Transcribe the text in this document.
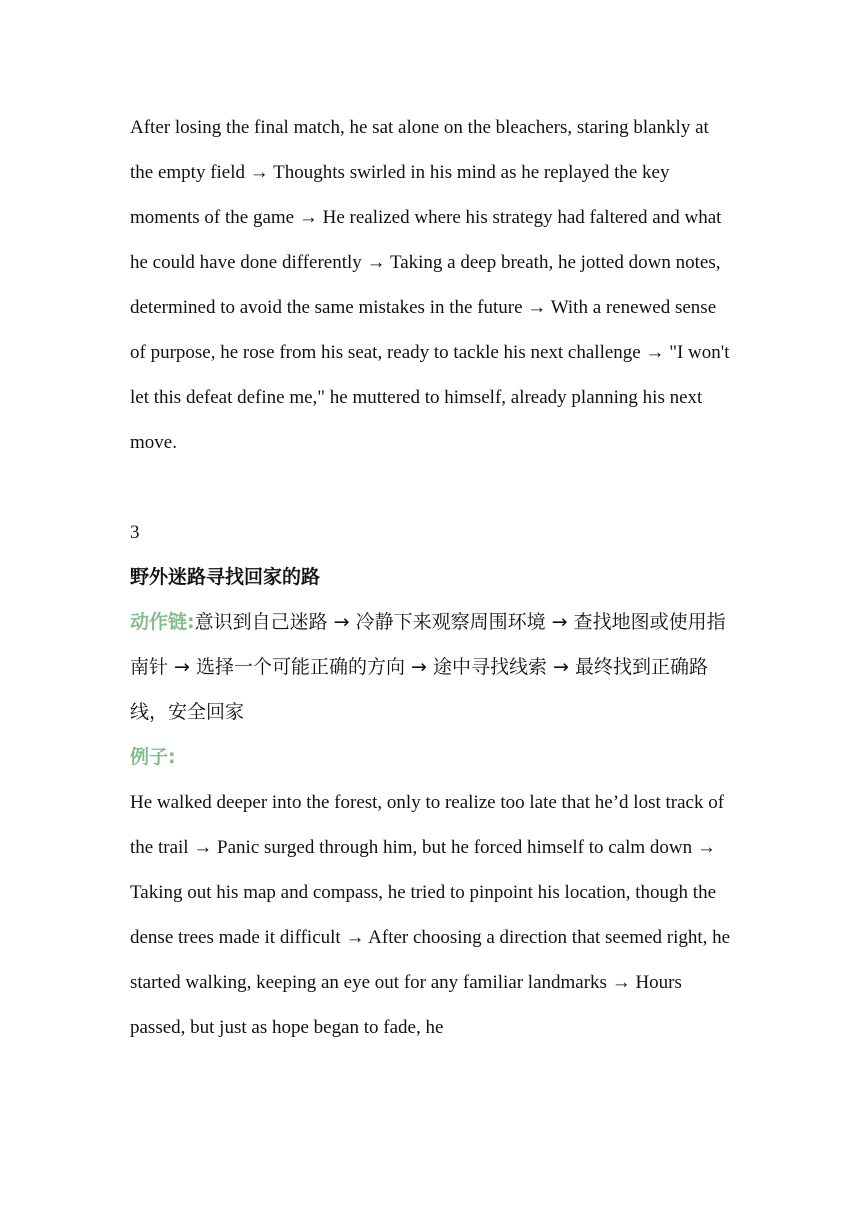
After losing the final match, he sat alone on the bleachers, staring blankly at the empty field → Thoughts swirled in his mind as he replayed the key moments of the game → He realized where his strategy had faltered and what he could have done differently → Taking a deep breath, he jotted down notes, determined to avoid the same mistakes in the future → With a renewed sense of purpose, he rose from his seat, ready to tackle his next challenge → "I won't let this defeat define me," he muttered to himself, already planning his next move.

3

野外迷路寻找回家的路

动作链:意识到自己迷路 → 冷静下来观察周围环境 → 查找地图或使用指南针 → 选择一个可能正确的方向 → 途中寻找线索 → 最终找到正确路线，安全回家

例子:

He walked deeper into the forest, only to realize too late that he’d lost track of the trail → Panic surged through him, but he forced himself to calm down → Taking out his map and compass, he tried to pinpoint his location, though the dense trees made it difficult → After choosing a direction that seemed right, he started walking, keeping an eye out for any familiar landmarks → Hours passed, but just as hope began to fade, he
